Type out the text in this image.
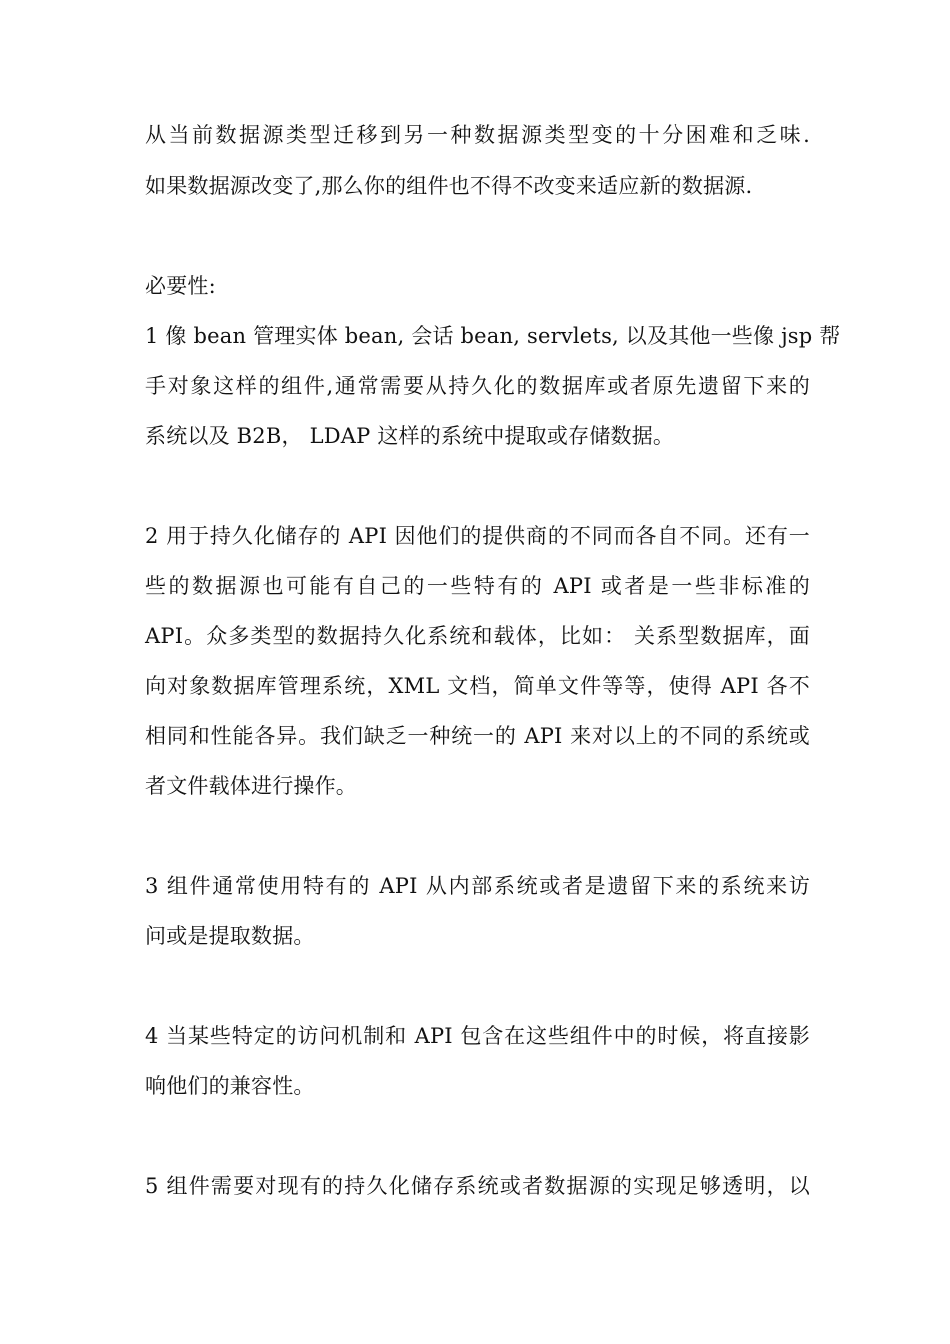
从当前数据源类型迁移到另一种数据源类型变的十分困难和乏味.
如果数据源改变了,那么你的组件也不得不改变来适应新的数据源.
必要性:
1 像 bean 管理实体 bean, 会话 bean, servlets, 以及其他一些像 jsp 帮
手对象这样的组件,通常需要从持久化的数据库或者原先遗留下来的
系统以及 B2B， LDAP 这样的系统中提取或存储数据。
2 用于持久化储存的 API 因他们的提供商的不同而各自不同。还有一
些的数据源也可能有自己的一些特有的 API 或者是一些非标准的
API。众多类型的数据持久化系统和载体，比如： 关系型数据库，面
向对象数据库管理系统，XML 文档，简单文件等等，使得 API 各不
相同和性能各异。我们缺乏一种统一的 API 来对以上的不同的系统或
者文件载体进行操作。
3 组件通常使用特有的 API 从内部系统或者是遗留下来的系统来访
问或是提取数据。
4 当某些特定的访问机制和 API 包含在这些组件中的时候，将直接影
响他们的兼容性。
5 组件需要对现有的持久化储存系统或者数据源的实现足够透明，以
